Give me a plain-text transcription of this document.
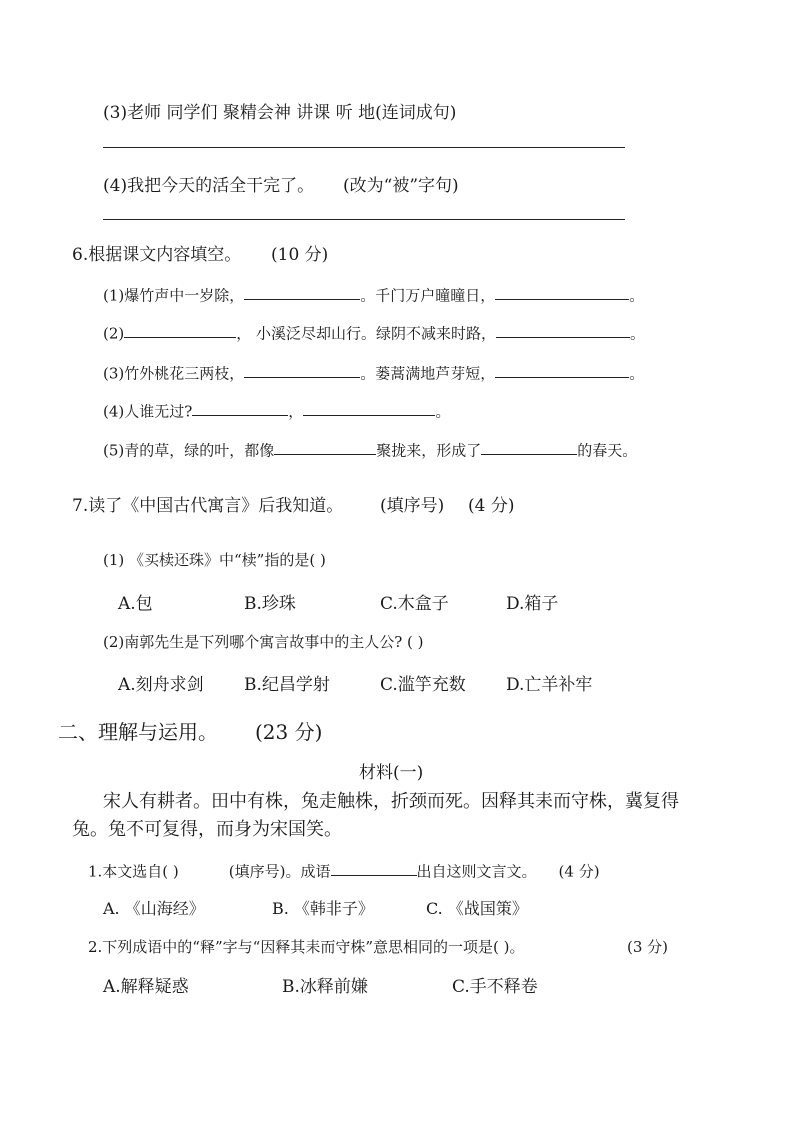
(3)老师 同学们 聚精会神 讲课 听 地(连词成句)
(4)我把今天的活全干完了。 (改为“被”字句)
6.根据课文内容填空。 (10 分)
(1)爆竹声中一岁除，	。千门万户曈曈日，	。
(2)	， 小溪泛尽却山行。绿阴不减来时路，	。
(3)竹外桃花三两枝，	。蒌蒿满地芦芽短，	。
(4)人谁无过?	，	。
(5)青的草，绿的叶，都像	聚拢来，形成了	的春天。
7.读了《中国古代寓言》后我知道。 (填序号) (4 分)
(1) 《买椟还珠》中“椟”指的是( )
A.包	B.珍珠	C.木盒子	D.箱子
(2)南郭先生是下列哪个寓言故事中的主人公? ( )
A.刻舟求剑 B.纪昌学射	C.滥竽充数 D.亡羊补牢
二、理解与运用。 (23 分)
材料(一)
宋人有耕者。田中有株，兔走触株，折颈而死。因释其耒而守株，冀复得
兔。兔不可复得，而身为宋国笑。
1.本文选自( )	(填序号)。成语	出自这则文言文。 (4 分)
A. 《山海经》	B. 《韩非子》	C. 《战国策》
2.下列成语中的“释”字与“因释其耒而守株”意思相同的一项是( )。	(3 分)
A.解释疑惑	B.冰释前嫌	C.手不释卷
